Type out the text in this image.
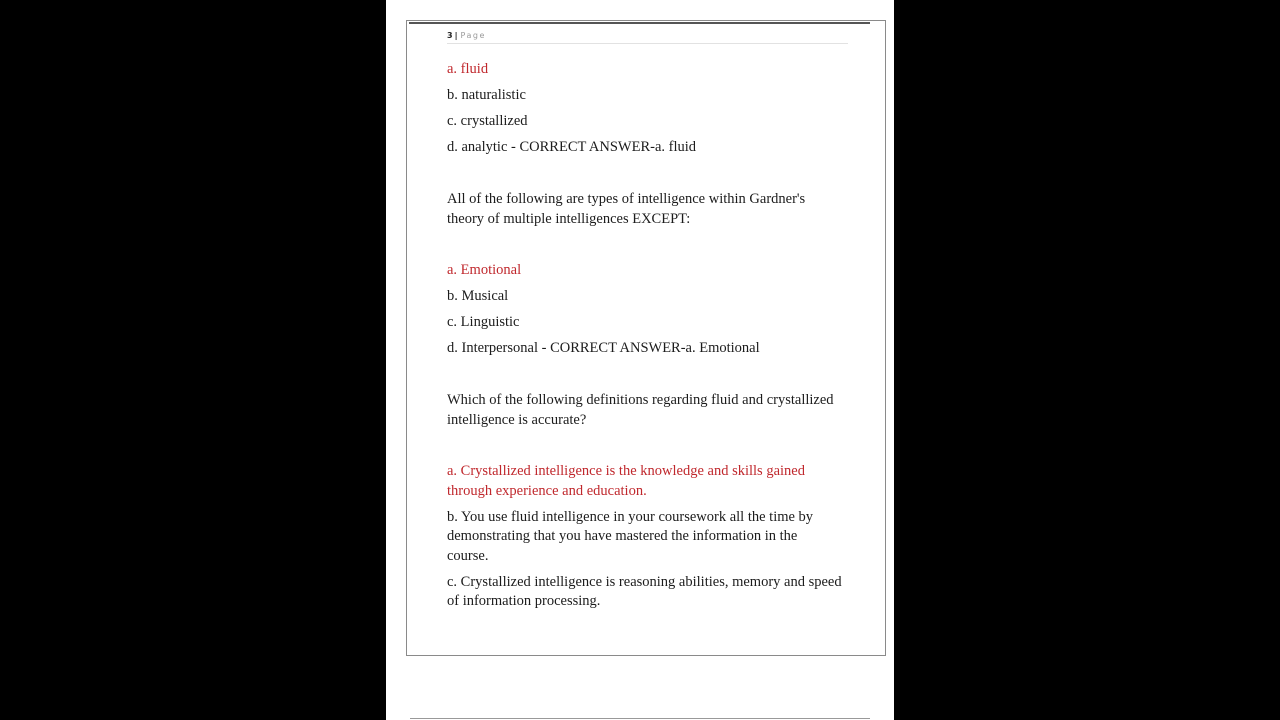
3 | Page

a. fluid

b. naturalistic

c. crystallized

d. analytic - CORRECT ANSWER-a. fluid

All of the following are types of intelligence within Gardner's theory of multiple intelligences EXCEPT:

a. Emotional

b. Musical

c. Linguistic

d. Interpersonal - CORRECT ANSWER-a. Emotional

Which of the following definitions regarding fluid and crystallized intelligence is accurate?

a. Crystallized intelligence is the knowledge and skills gained through experience and education.

b. You use fluid intelligence in your coursework all the time by demonstrating that you have mastered the information in the course.

c. Crystallized intelligence is reasoning abilities, memory and speed of information processing.
